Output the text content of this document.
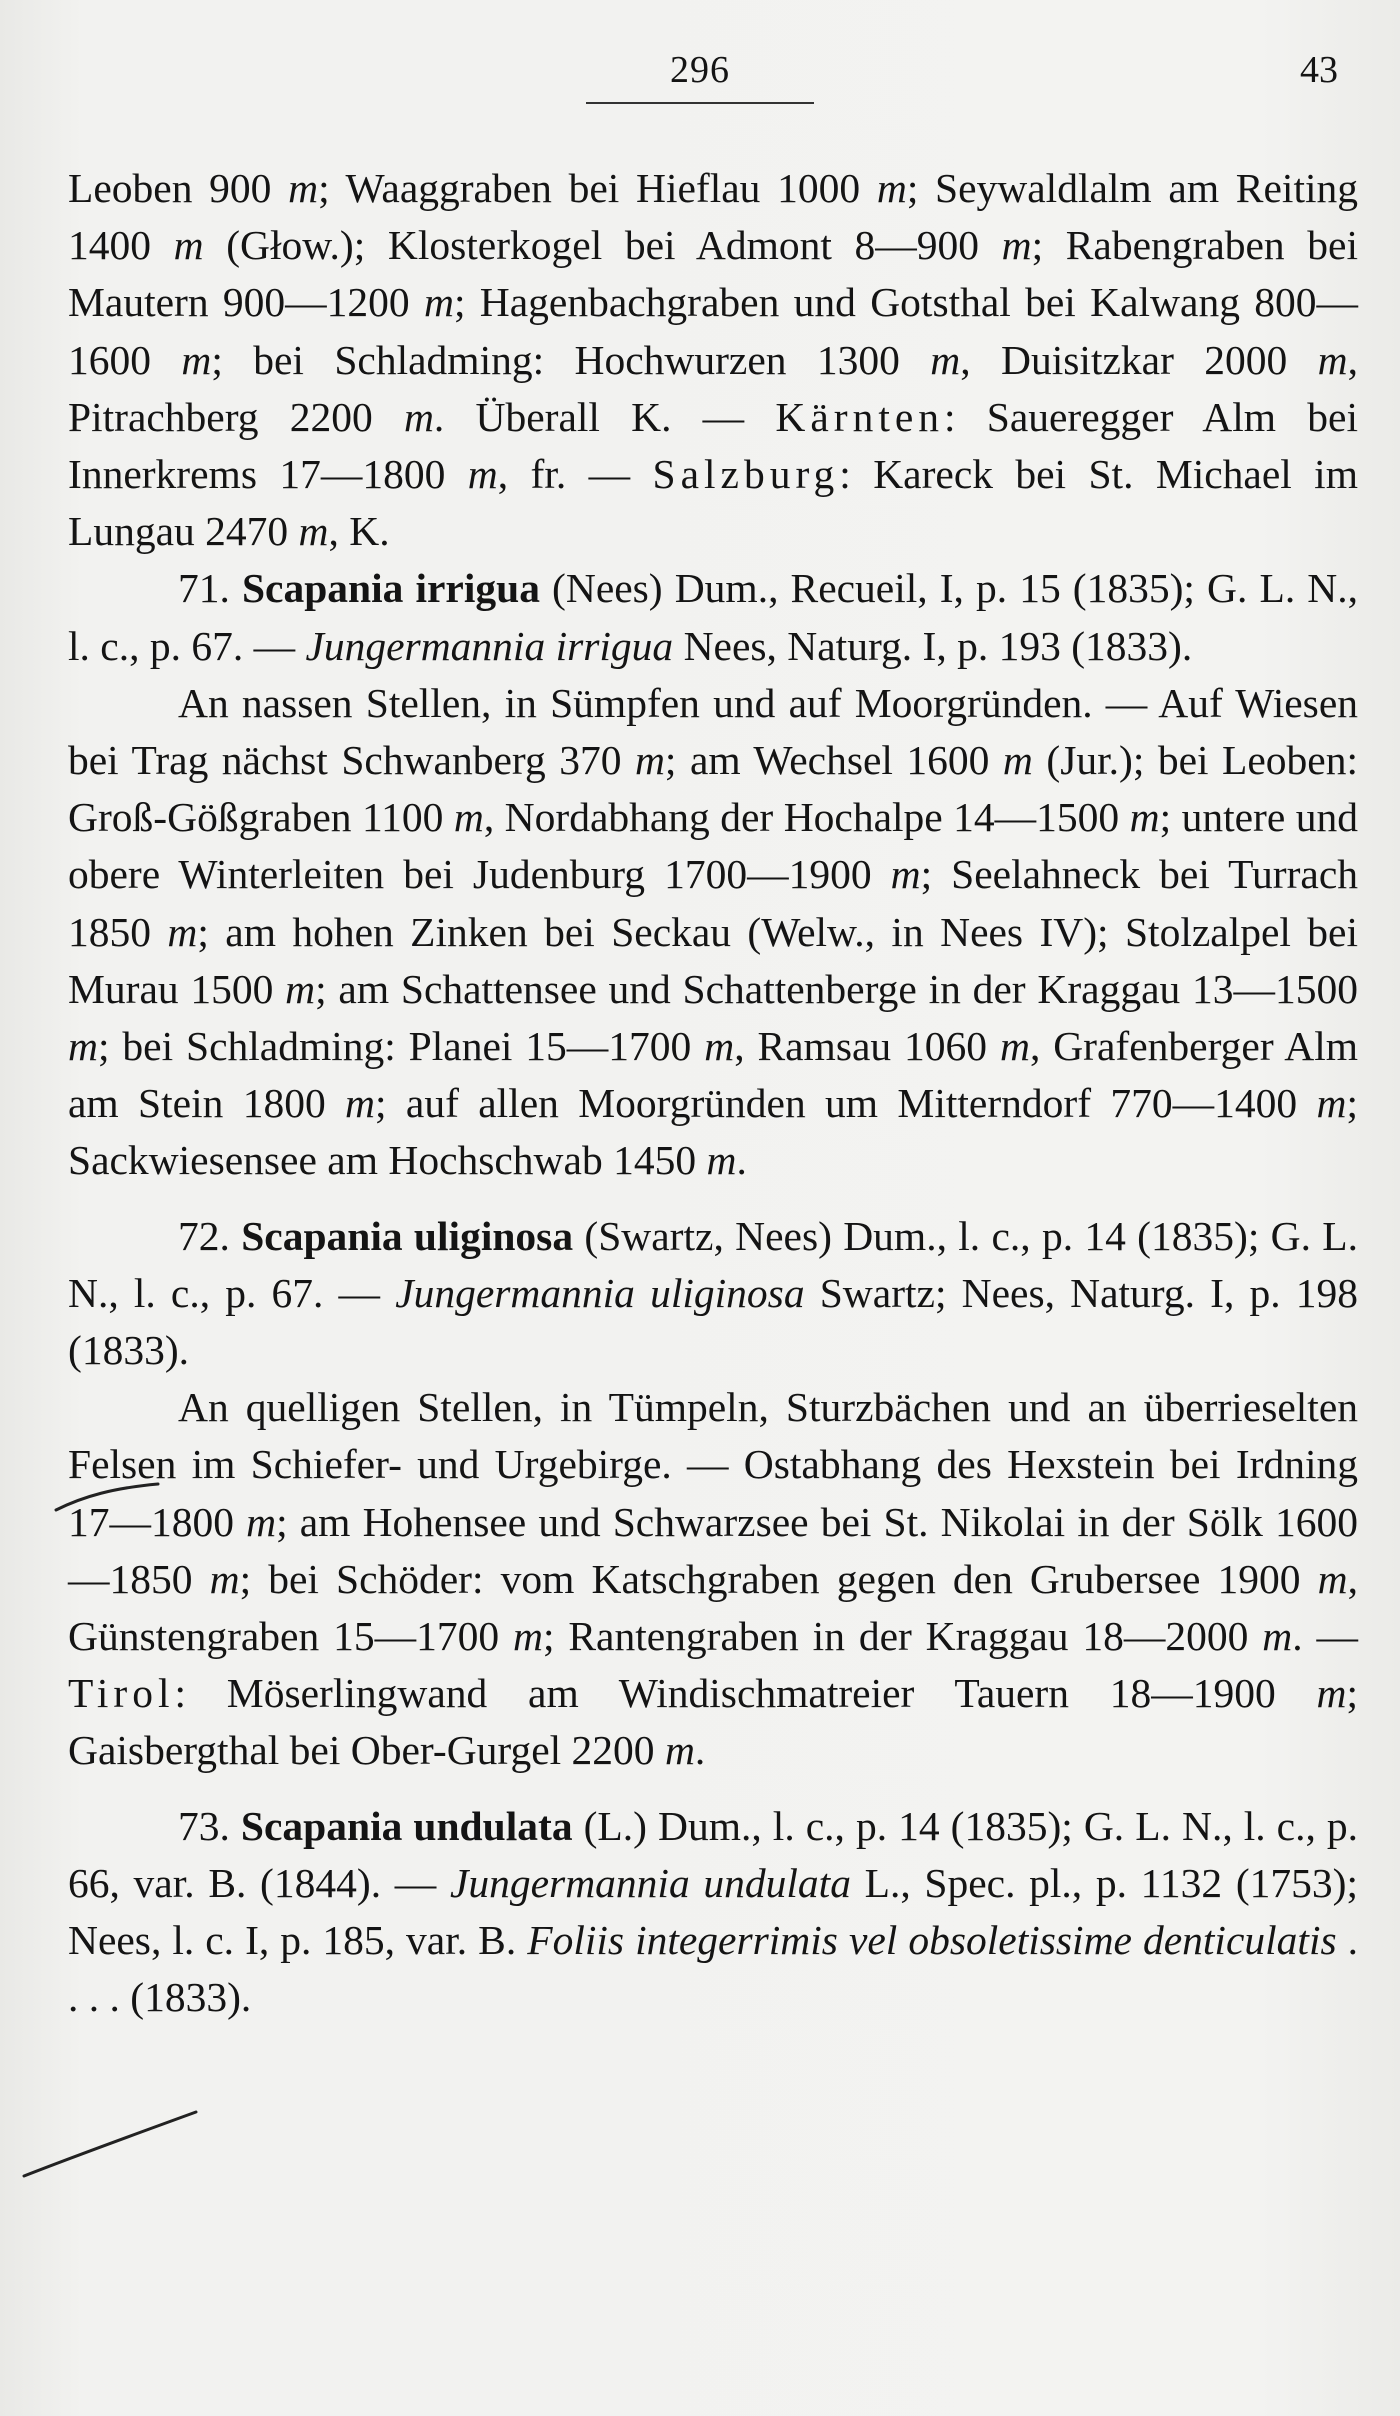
296	43

Leoben 900 m; Waaggraben bei Hieflau 1000 m; Seywaldlalm am Reiting 1400 m (Głow.); Klosterkogel bei Admont 8—900 m; Rabengraben bei Mautern 900—1200 m; Hagenbachgraben und Gotsthal bei Kalwang 800—1600 m; bei Schladming: Hochwurzen 1300 m, Duisitzkar 2000 m, Pitrachberg 2200 m. Überall K. — Kärnten: Saueregger Alm bei Innerkrems 17—1800 m, fr. — Salzburg: Kareck bei St. Michael im Lungau 2470 m, K.

71. Scapania irrigua (Nees) Dum., Recueil, I, p. 15 (1835); G. L. N., l. c., p. 67. — Jungermannia irrigua Nees, Naturg. I, p. 193 (1833).

An nassen Stellen, in Sümpfen und auf Moorgründen. — Auf Wiesen bei Trag nächst Schwanberg 370 m; am Wechsel 1600 m (Jur.); bei Leoben: Groß-Gößgraben 1100 m, Nordabhang der Hochalpe 14—1500 m; untere und obere Winterleiten bei Judenburg 1700—1900 m; Seelahneck bei Turrach 1850 m; am hohen Zinken bei Seckau (Welw., in Nees IV); Stolzalpel bei Murau 1500 m; am Schattensee und Schattenberge in der Kraggau 13—1500 m; bei Schladming: Planei 15—1700 m, Ramsau 1060 m, Grafenberger Alm am Stein 1800 m; auf allen Moorgründen um Mitterndorf 770—1400 m; Sackwiesensee am Hochschwab 1450 m.

72. Scapania uliginosa (Swartz, Nees) Dum., l. c., p. 14 (1835); G. L. N., l. c., p. 67. — Jungermannia uliginosa Swartz; Nees, Naturg. I, p. 198 (1833).

An quelligen Stellen, in Tümpeln, Sturzbächen und an überrieselten Felsen im Schiefer- und Urgebirge. — Ostabhang des Hexstein bei Irdning 17—1800 m; am Hohensee und Schwarzsee bei St. Nikolai in der Sölk 1600—1850 m; bei Schöder: vom Katschgraben gegen den Grubersee 1900 m, Günstengraben 15—1700 m; Rantengraben in der Kraggau 18—2000 m. — Tirol: Möserlingwand am Windischmatreier Tauern 18—1900 m; Gaisbergthal bei Ober-Gurgel 2200 m.

73. Scapania undulata (L.) Dum., l. c., p. 14 (1835); G. L. N., l. c., p. 66, var. B. (1844). — Jungermannia undulata L., Spec. pl., p. 1132 (1753); Nees, l. c. I, p. 185, var. B. Foliis integerrimis vel obsoletissime denticulatis . . . . (1833).
